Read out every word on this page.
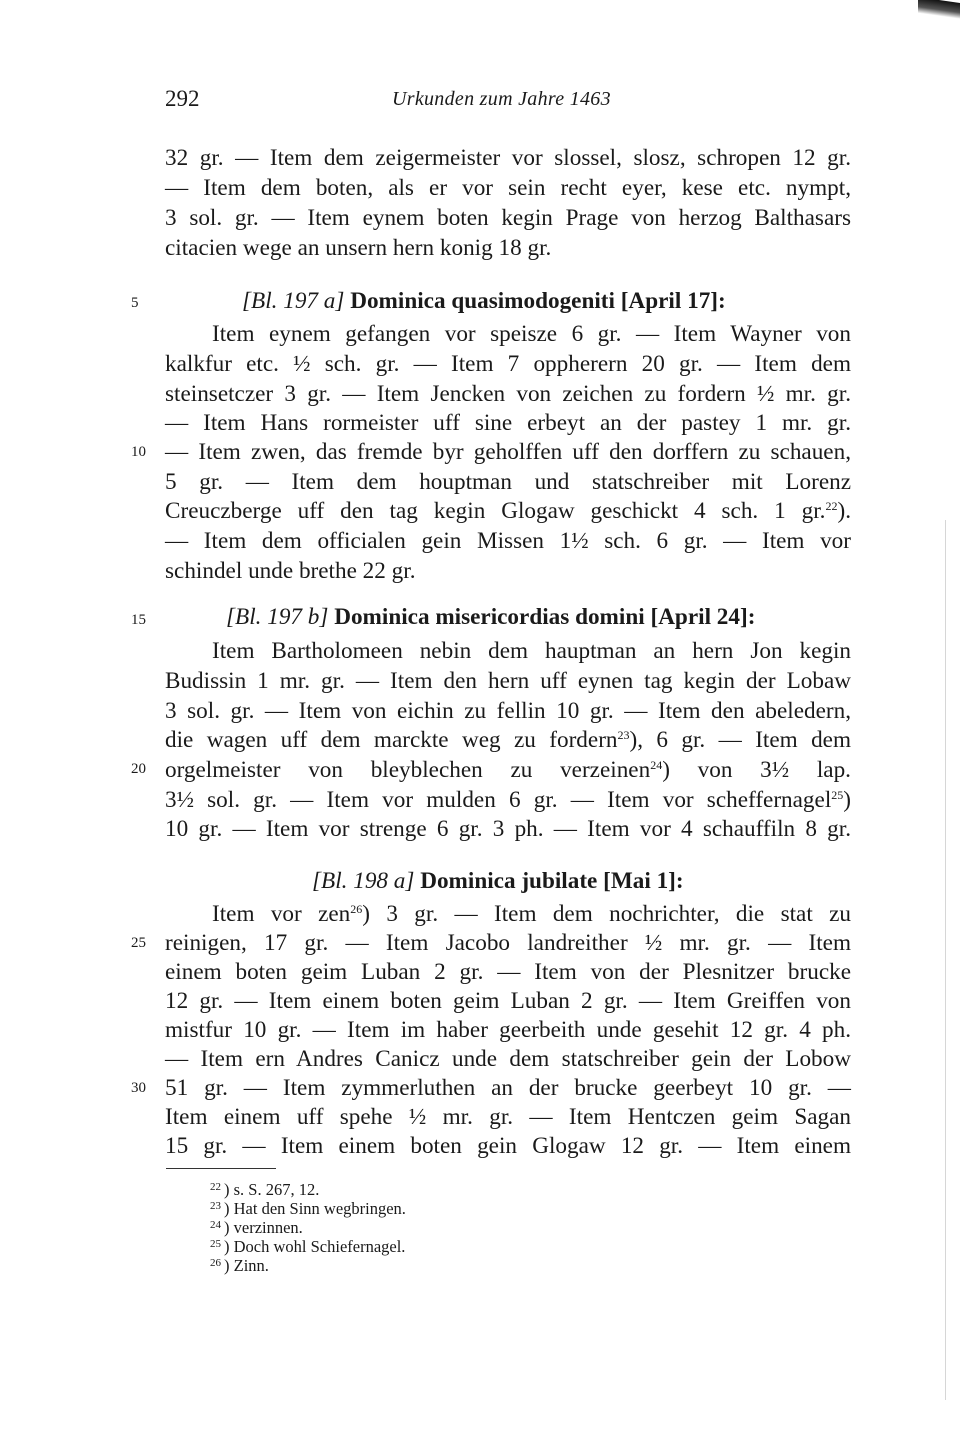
292	Urkunden zum Jahre 1463
32 gr. — Item dem zeigermeister vor slossel, slosz, schropen 12 gr.
— Item dem boten, als er vor sein recht eyer, kese etc. nympt,
3 sol. gr. — Item eynem boten kegin Prage von herzog Balthasars
citacien wege an unsern hern konig 18 gr.
5	[Bl. 197 a] Dominica quasimodogeniti [April 17]:
Item eynem gefangen vor speisze 6 gr. — Item Wayner von
kalkfur etc. ½ sch. gr. — Item 7 oppherern 20 gr. — Item dem
steinsetczer 3 gr. — Item Jencken von zeichen zu fordern ½ mr. gr.
— Item Hans rormeister uff sine erbeyt an der pastey 1 mr. gr.
10 — Item zwen, das fremde byr geholffen uff den dorffern zu schauen,
5 gr. — Item dem houptman und statschreiber mit Lorenz
Creuczberge uff den tag kegin Glogaw geschickt 4 sch. 1 gr.$^{22}$).
— Item dem officialen gein Missen 1½ sch. 6 gr. — Item vor
schindel unde brethe 22 gr.
15	[Bl. 197 b] Dominica misericordias domini [April 24]:
Item Bartholomeen nebin dem hauptman an hern Jon kegin
Budissin 1 mr. gr. — Item den hern uff eynen tag kegin der Lobaw
3 sol. gr. — Item von eichin zu fellin 10 gr. — Item den abeledern,
die wagen uff dem marckte weg zu fordern$^{23}$), 6 gr. — Item dem
20 orgelmeister von bleyblechen zu verzeinen$^{24}$) von 3½ lap.
3½ sol. gr. — Item vor mulden 6 gr. — Item vor scheffernagel$^{25}$)
10 gr. — Item vor strenge 6 gr. 3 ph. — Item vor 4 schauffiln 8 gr.
[Bl. 198 a] Dominica jubilate [Mai 1]:
Item vor zen$^{26}$) 3 gr. — Item dem nochrichter, die stat zu
25 reinigen, 17 gr. — Item Jacobo landreither ½ mr. gr. — Item
einem boten geim Luban 2 gr. — Item von der Plesnitzer brucke
12 gr. — Item einem boten geim Luban 2 gr. — Item Greiffen von
mistfur 10 gr. — Item im haber geerbeith unde gesehit 12 gr. 4 ph.
— Item ern Andres Canicz unde dem statschreiber gein der Lobow
30 51 gr. — Item zymmerluthen an der brucke geerbeyt 10 gr. —
Item einem uff spehe ½ mr. gr. — Item Hentczen geim Sagan
15 gr. — Item einem boten gein Glogaw 12 gr. — Item einem
$^{22}$ ) s. S. 267, 12.
$^{23}$ ) Hat den Sinn wegbringen.
$^{24}$ ) verzinnen.
$^{25}$ ) Doch wohl Schiefernagel.
$^{26}$ ) Zinn.
